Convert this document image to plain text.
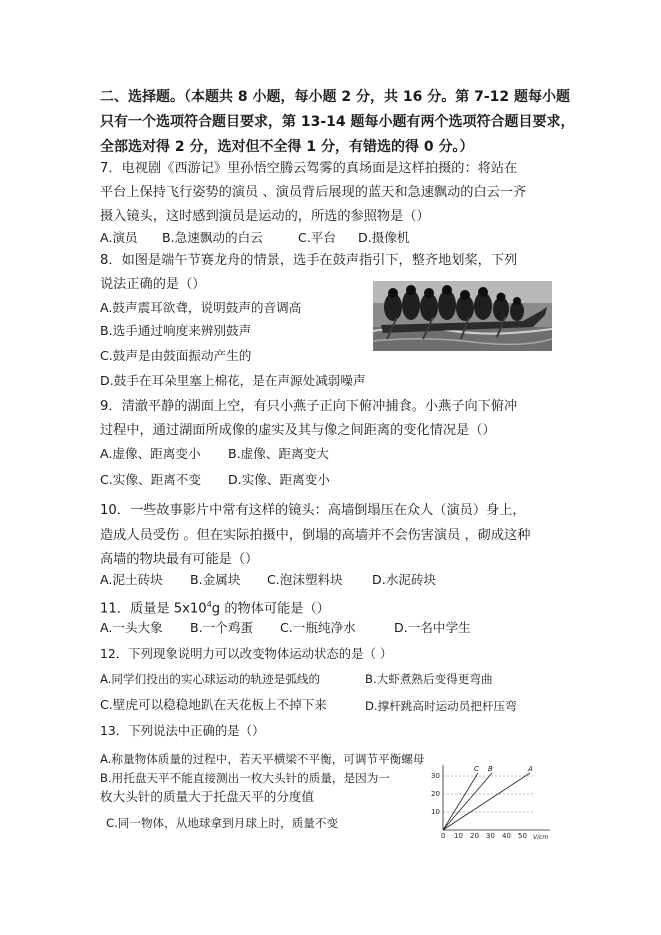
二、选择题。（本题共 8 小题，每小题 2 分，共 16 分。第 7-12 题每小题
只有一个选项符合题目要求，第 13-14 题每小题有两个选项符合题目要求，
全部选对得 2 分，选对但不全得 1 分，有错选的得 0 分。）
7．电视剧《西游记》里孙悟空腾云驾雾的真场面是这样拍摄的：将站在
平台上保持飞行姿势的演员 、演员背后展现的蓝天和急速飘动的白云一齐
摄入镜头，这时感到演员是运动的，所选的参照物是（）
A.演员 B.急速飘动的白云	C.平台 D.摄像机
8．如图是端午节赛龙舟的情景，选手在鼓声指引下，整齐地划桨，下列
说法正确的是（）
A.鼓声震耳欲聋，说明鼓声的音调高
B.选手通过响度来辨别鼓声
C.鼓声是由鼓面振动产生的
D.鼓手在耳朵里塞上棉花，是在声源处减弱噪声
9．清澈平静的湖面上空，有只小燕子正向下俯冲捕食。小燕子向下俯冲
过程中，通过湖面所成像的虚实及其与像之间距离的变化情况是（）
A.虚像、距离变小 B.虚像、距离变大
C.实像、距离不变 D.实像、距离变小
10．一些故事影片中常有这样的镜头：高墙倒塌压在众人（演员）身上，
造成人员受伤 。但在实际拍摄中，倒塌的高墙并不会伤害演员 ，砌成这种
高墙的物块最有可能是（）
A.泥土砖块 B.金属块 C.泡沫塑料块 D.水泥砖块
11．质量是 $5x10^4g$ 的物体可能是（）
A.一头大象 B.一个鸡蛋 C.一瓶纯净水	D.一名中学生
12．下列现象说明力可以改变物体运动状态的是（ ）
A.同学们投出的实心球运动的轨迹是弧线的	B.大虾煮熟后变得更弯曲
C.壁虎可以稳稳地趴在天花板上不掉下来	D.撑杆跳高时运动员把杆压弯
13．下列说法中正确的是（）
A.称量物体质量的过程中，若天平横梁不平衡，可调节平衡螺母
B.用托盘天平不能直接测出一枚大头针的质量，是因为一
枚大头针的质量大于托盘天平的分度值
C.同一物体，从地球拿到月球上时，质量不变
C B	A
30
20
10
0 10 20 30 40 50 V/cm
